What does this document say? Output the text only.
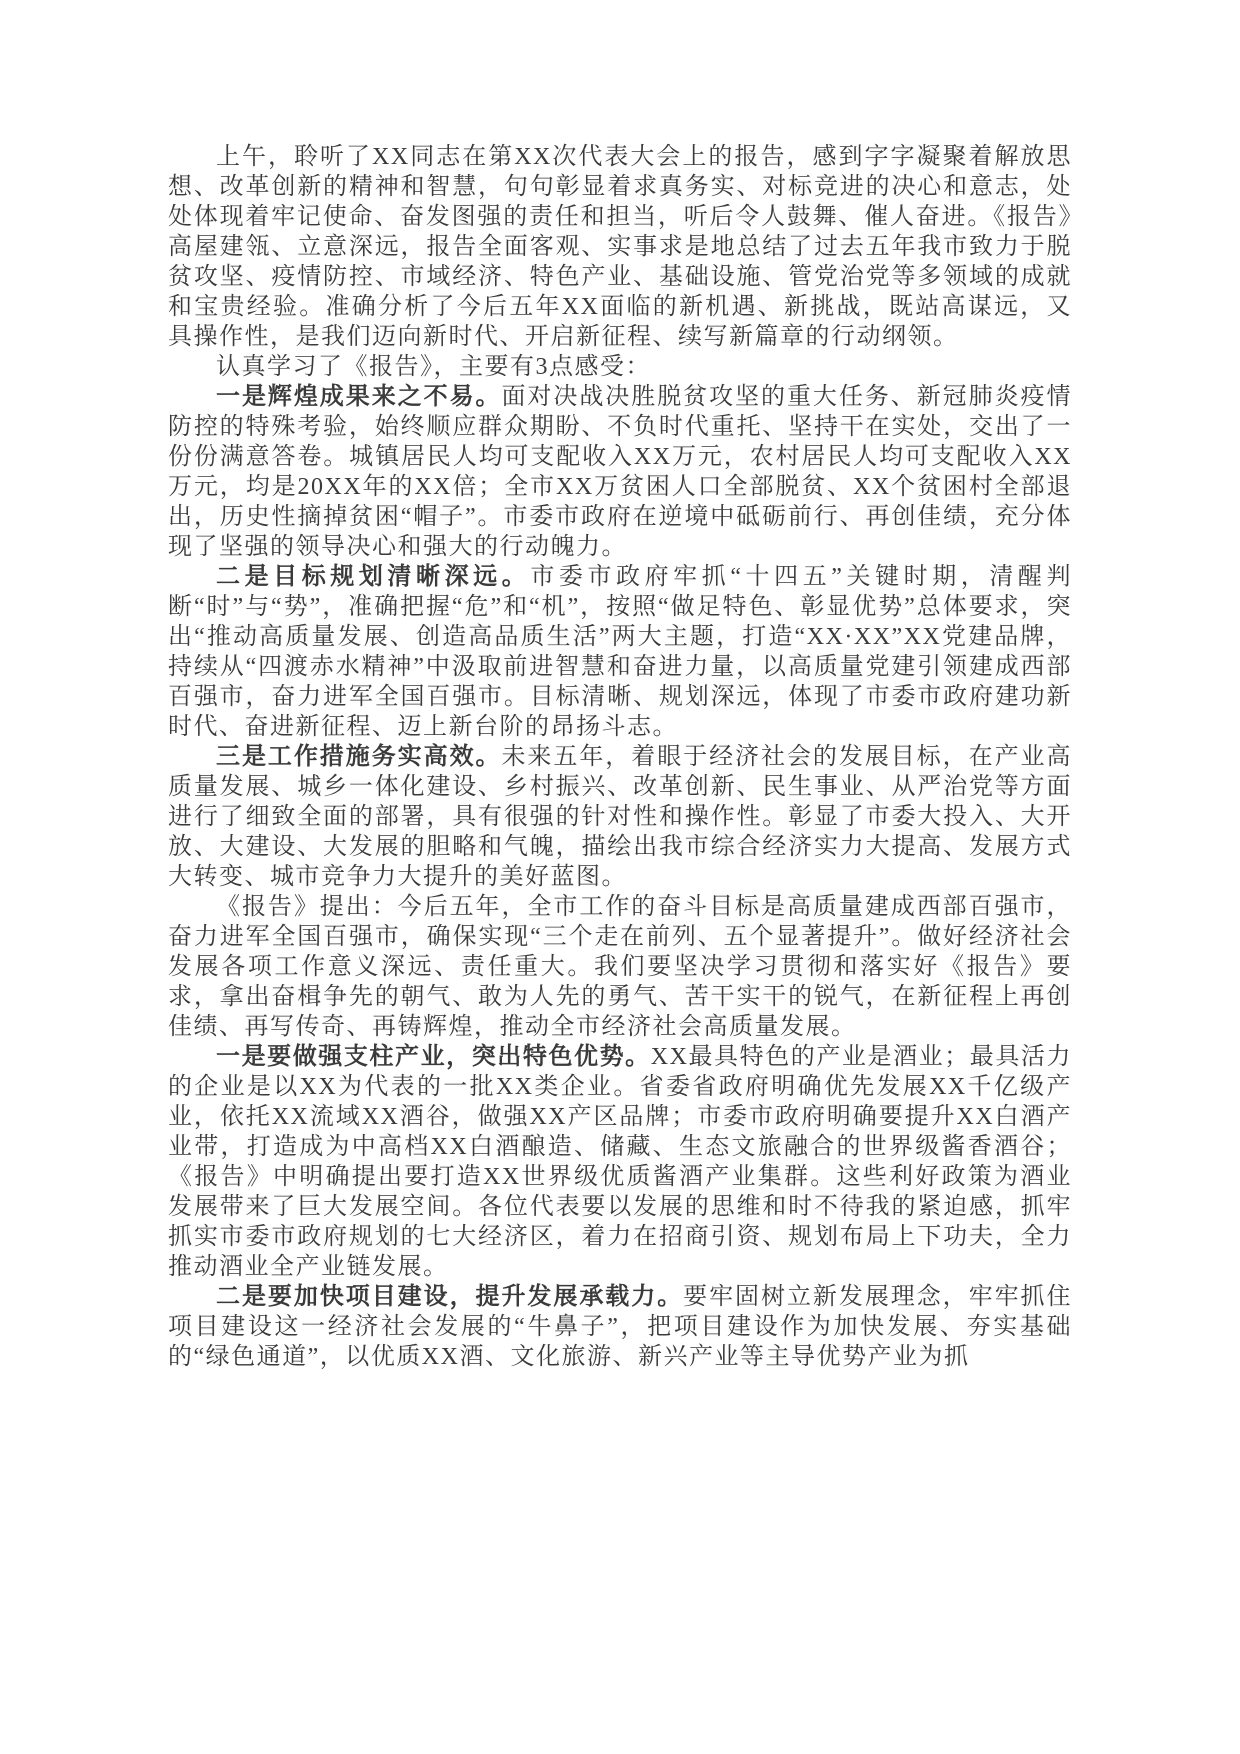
上午，聆听了XX同志在第XX次代表大会上的报告，感到字字凝聚着解放思想、改革创新的精神和智慧，句句彰显着求真务实、对标竞进的决心和意志，处处体现着牢记使命、奋发图强的责任和担当，听后令人鼓舞、催人奋进。《报告》高屋建瓴、立意深远，报告全面客观、实事求是地总结了过去五年我市致力于脱贫攻坚、疫情防控、市域经济、特色产业、基础设施、管党治党等多领域的成就和宝贵经验。准确分析了今后五年XX面临的新机遇、新挑战，既站高谋远，又具操作性，是我们迈向新时代、开启新征程、续写新篇章的行动纲领。

认真学习了《报告》，主要有3点感受：

一是辉煌成果来之不易。面对决战决胜脱贫攻坚的重大任务、新冠肺炎疫情防控的特殊考验，始终顺应群众期盼、不负时代重托、坚持干在实处，交出了一份份满意答卷。城镇居民人均可支配收入XX万元，农村居民人均可支配收入XX万元，均是20XX年的XX倍；全市XX万贫困人口全部脱贫、XX个贫困村全部退出，历史性摘掉贫困“帽子”。市委市政府在逆境中砥砺前行、再创佳绩，充分体现了坚强的领导决心和强大的行动魄力。

二是目标规划清晰深远。市委市政府牢抓“十四五”关键时期，清醒判断“时”与“势”，准确把握“危”和“机”，按照“做足特色、彰显优势”总体要求，突出“推动高质量发展、创造高品质生活”两大主题，打造“XX·XX”XX党建品牌，持续从“四渡赤水精神”中汲取前进智慧和奋进力量，以高质量党建引领建成西部百强市，奋力进军全国百强市。目标清晰、规划深远，体现了市委市政府建功新时代、奋进新征程、迈上新台阶的昂扬斗志。

三是工作措施务实高效。未来五年，着眼于经济社会的发展目标，在产业高质量发展、城乡一体化建设、乡村振兴、改革创新、民生事业、从严治党等方面进行了细致全面的部署，具有很强的针对性和操作性。彰显了市委大投入、大开放、大建设、大发展的胆略和气魄，描绘出我市综合经济实力大提高、发展方式大转变、城市竞争力大提升的美好蓝图。

《报告》提出：今后五年，全市工作的奋斗目标是高质量建成西部百强市，奋力进军全国百强市，确保实现“三个走在前列、五个显著提升”。做好经济社会发展各项工作意义深远、责任重大。我们要坚决学习贯彻和落实好《报告》要求，拿出奋楫争先的朝气、敢为人先的勇气、苦干实干的锐气，在新征程上再创佳绩、再写传奇、再铸辉煌，推动全市经济社会高质量发展。

一是要做强支柱产业，突出特色优势。XX最具特色的产业是酒业；最具活力的企业是以XX为代表的一批XX类企业。省委省政府明确优先发展XX千亿级产业，依托XX流域XX酒谷，做强XX产区品牌；市委市政府明确要提升XX白酒产业带，打造成为中高档XX白酒酿造、储藏、生态文旅融合的世界级酱香酒谷；《报告》中明确提出要打造XX世界级优质酱酒产业集群。这些利好政策为酒业发展带来了巨大发展空间。各位代表要以发展的思维和时不待我的紧迫感，抓牢抓实市委市政府规划的七大经济区，着力在招商引资、规划布局上下功夫，全力推动酒业全产业链发展。

二是要加快项目建设，提升发展承载力。要牢固树立新发展理念，牢牢抓住项目建设这一经济社会发展的“牛鼻子”，把项目建设作为加快发展、夯实基础的“绿色通道”，以优质XX酒、文化旅游、新兴产业等主导优势产业为抓
